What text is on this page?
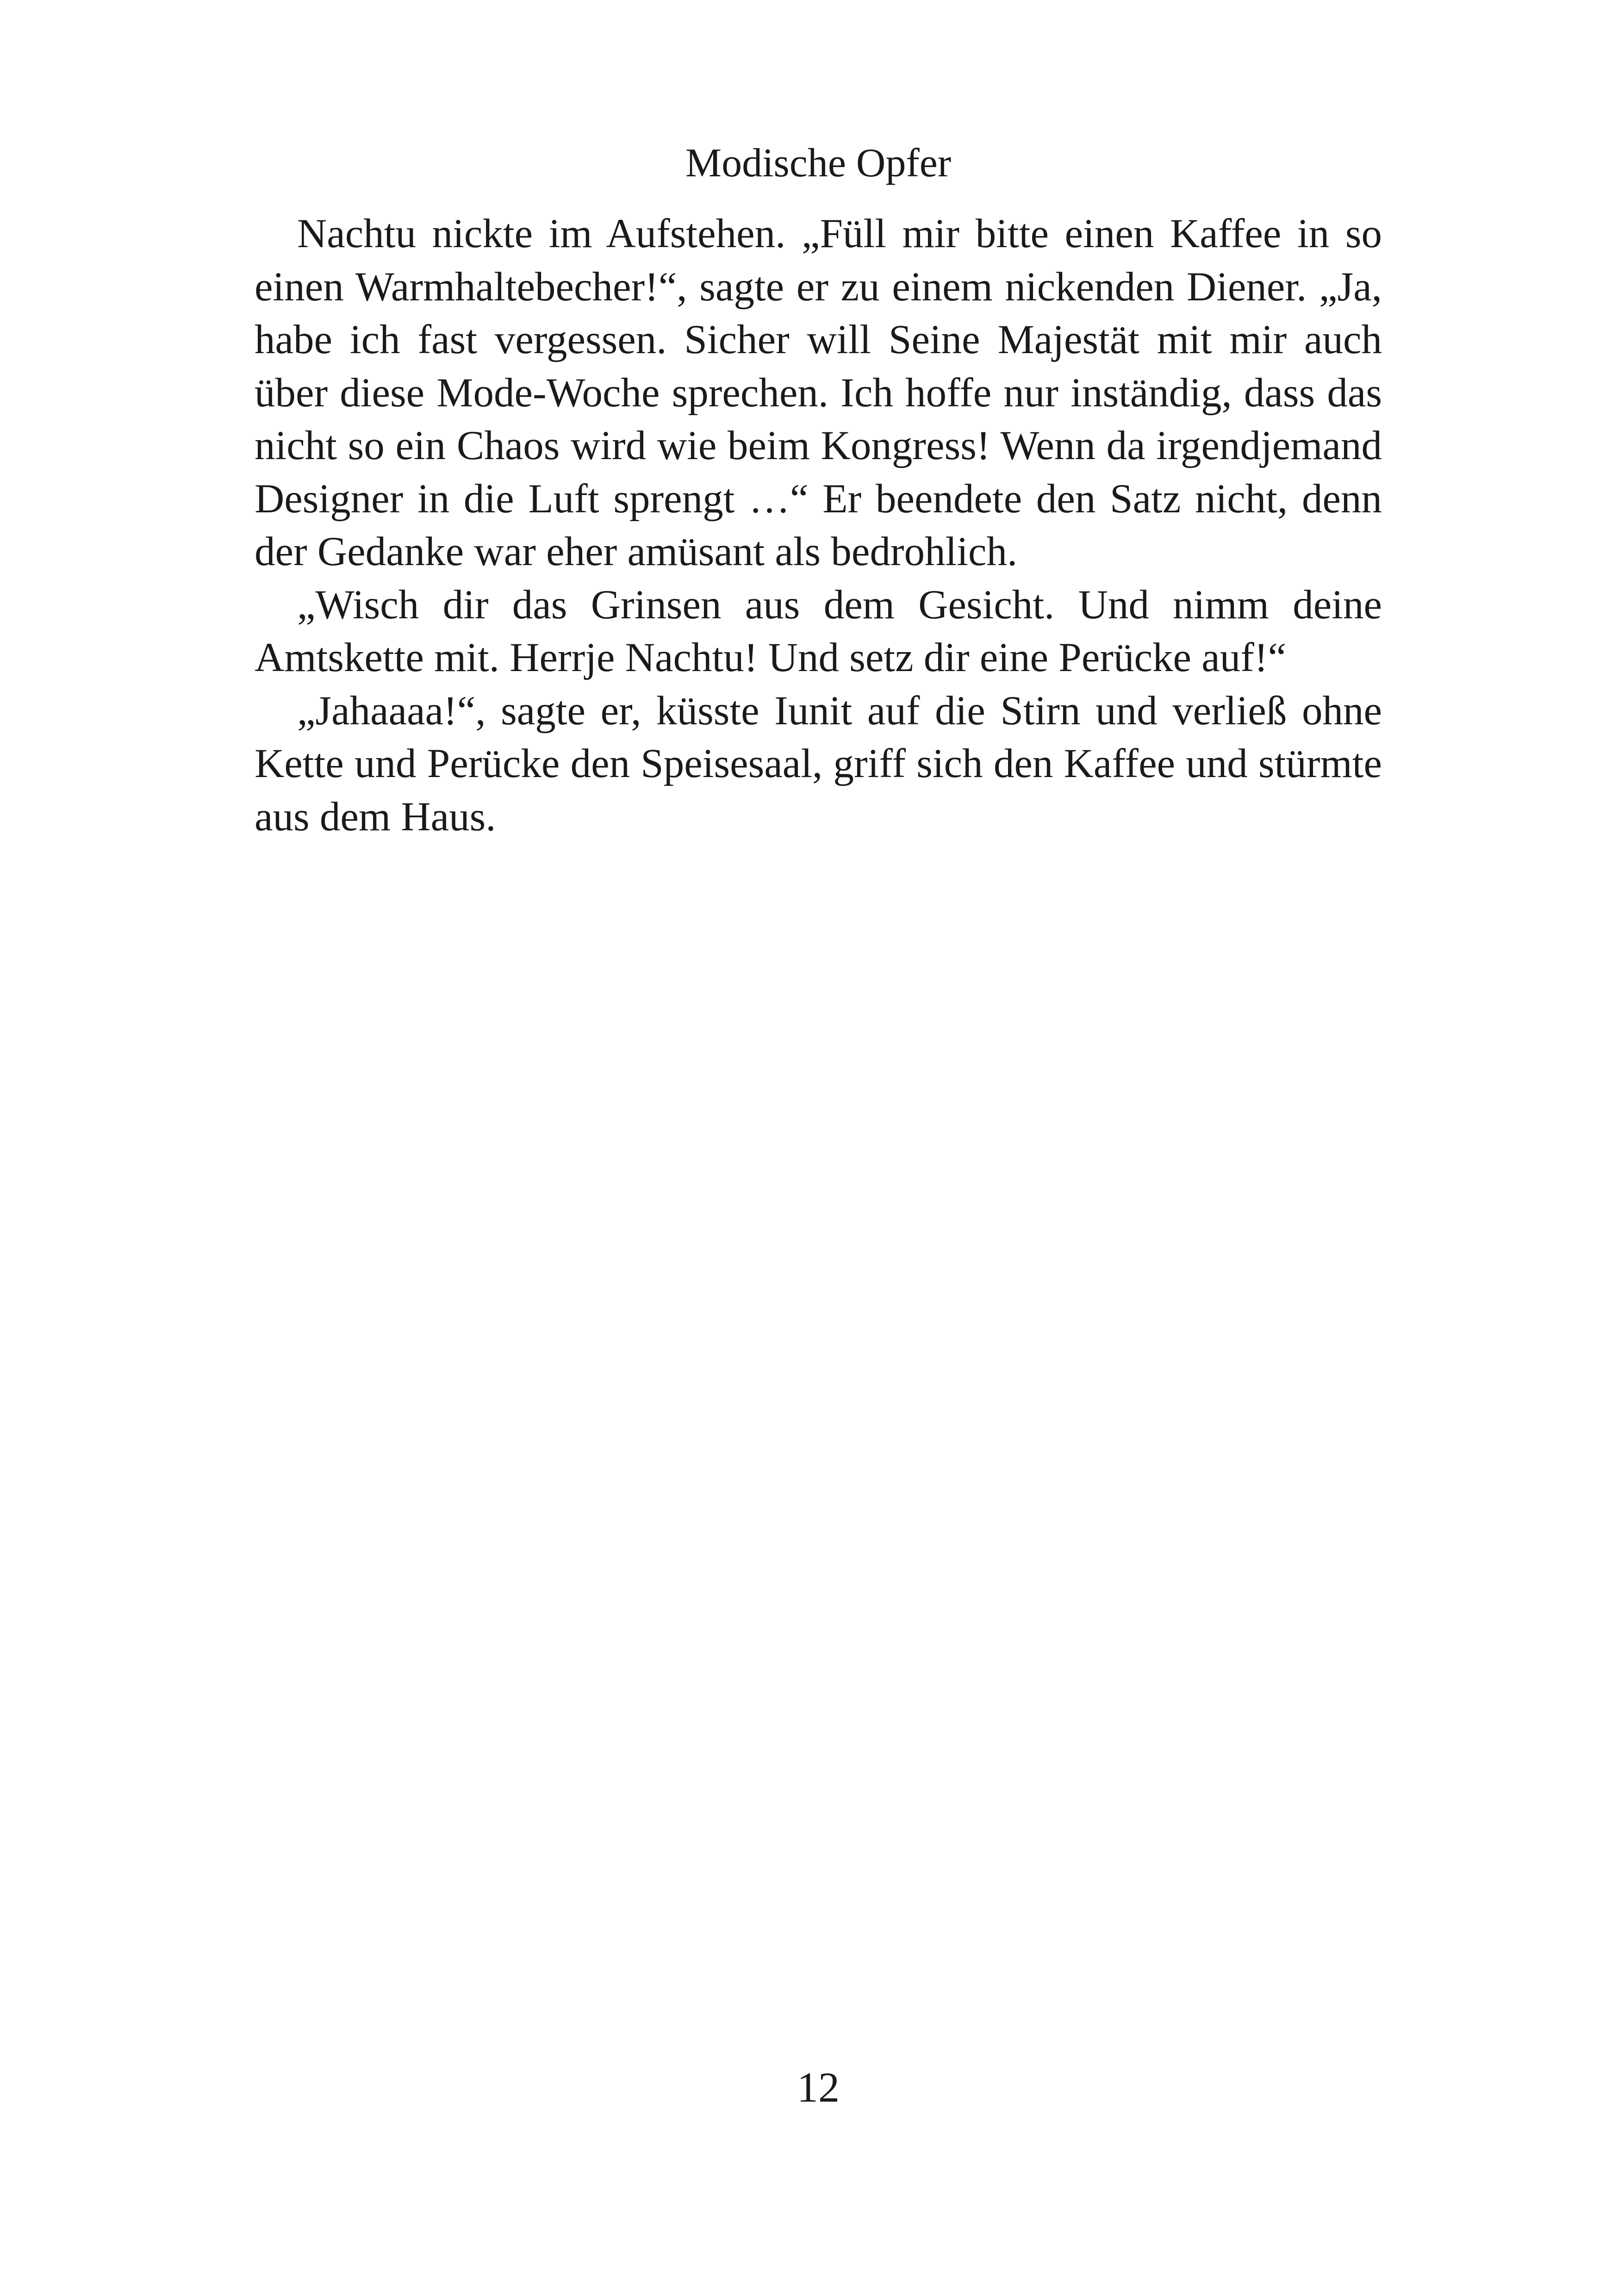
Modische Opfer

Nachtu nickte im Aufstehen. „Füll mir bitte einen Kaffee in so einen Warmhaltebecher!“, sagte er zu einem nickenden Diener. „Ja, habe ich fast vergessen. Sicher will Seine Majestät mit mir auch über diese Mode-Woche sprechen. Ich hoffe nur inständig, dass das nicht so ein Chaos wird wie beim Kongress! Wenn da irgendjemand Designer in die Luft sprengt …“ Er beendete den Satz nicht, denn der Gedanke war eher amüsant als bedrohlich.

„Wisch dir das Grinsen aus dem Gesicht. Und nimm deine Amtskette mit. Herrje Nachtu! Und setz dir eine Perücke auf!“

„Jahaaaa!“, sagte er, küsste Iunit auf die Stirn und verließ ohne Kette und Perücke den Speisesaal, griff sich den Kaffee und stürmte aus dem Haus.

12
